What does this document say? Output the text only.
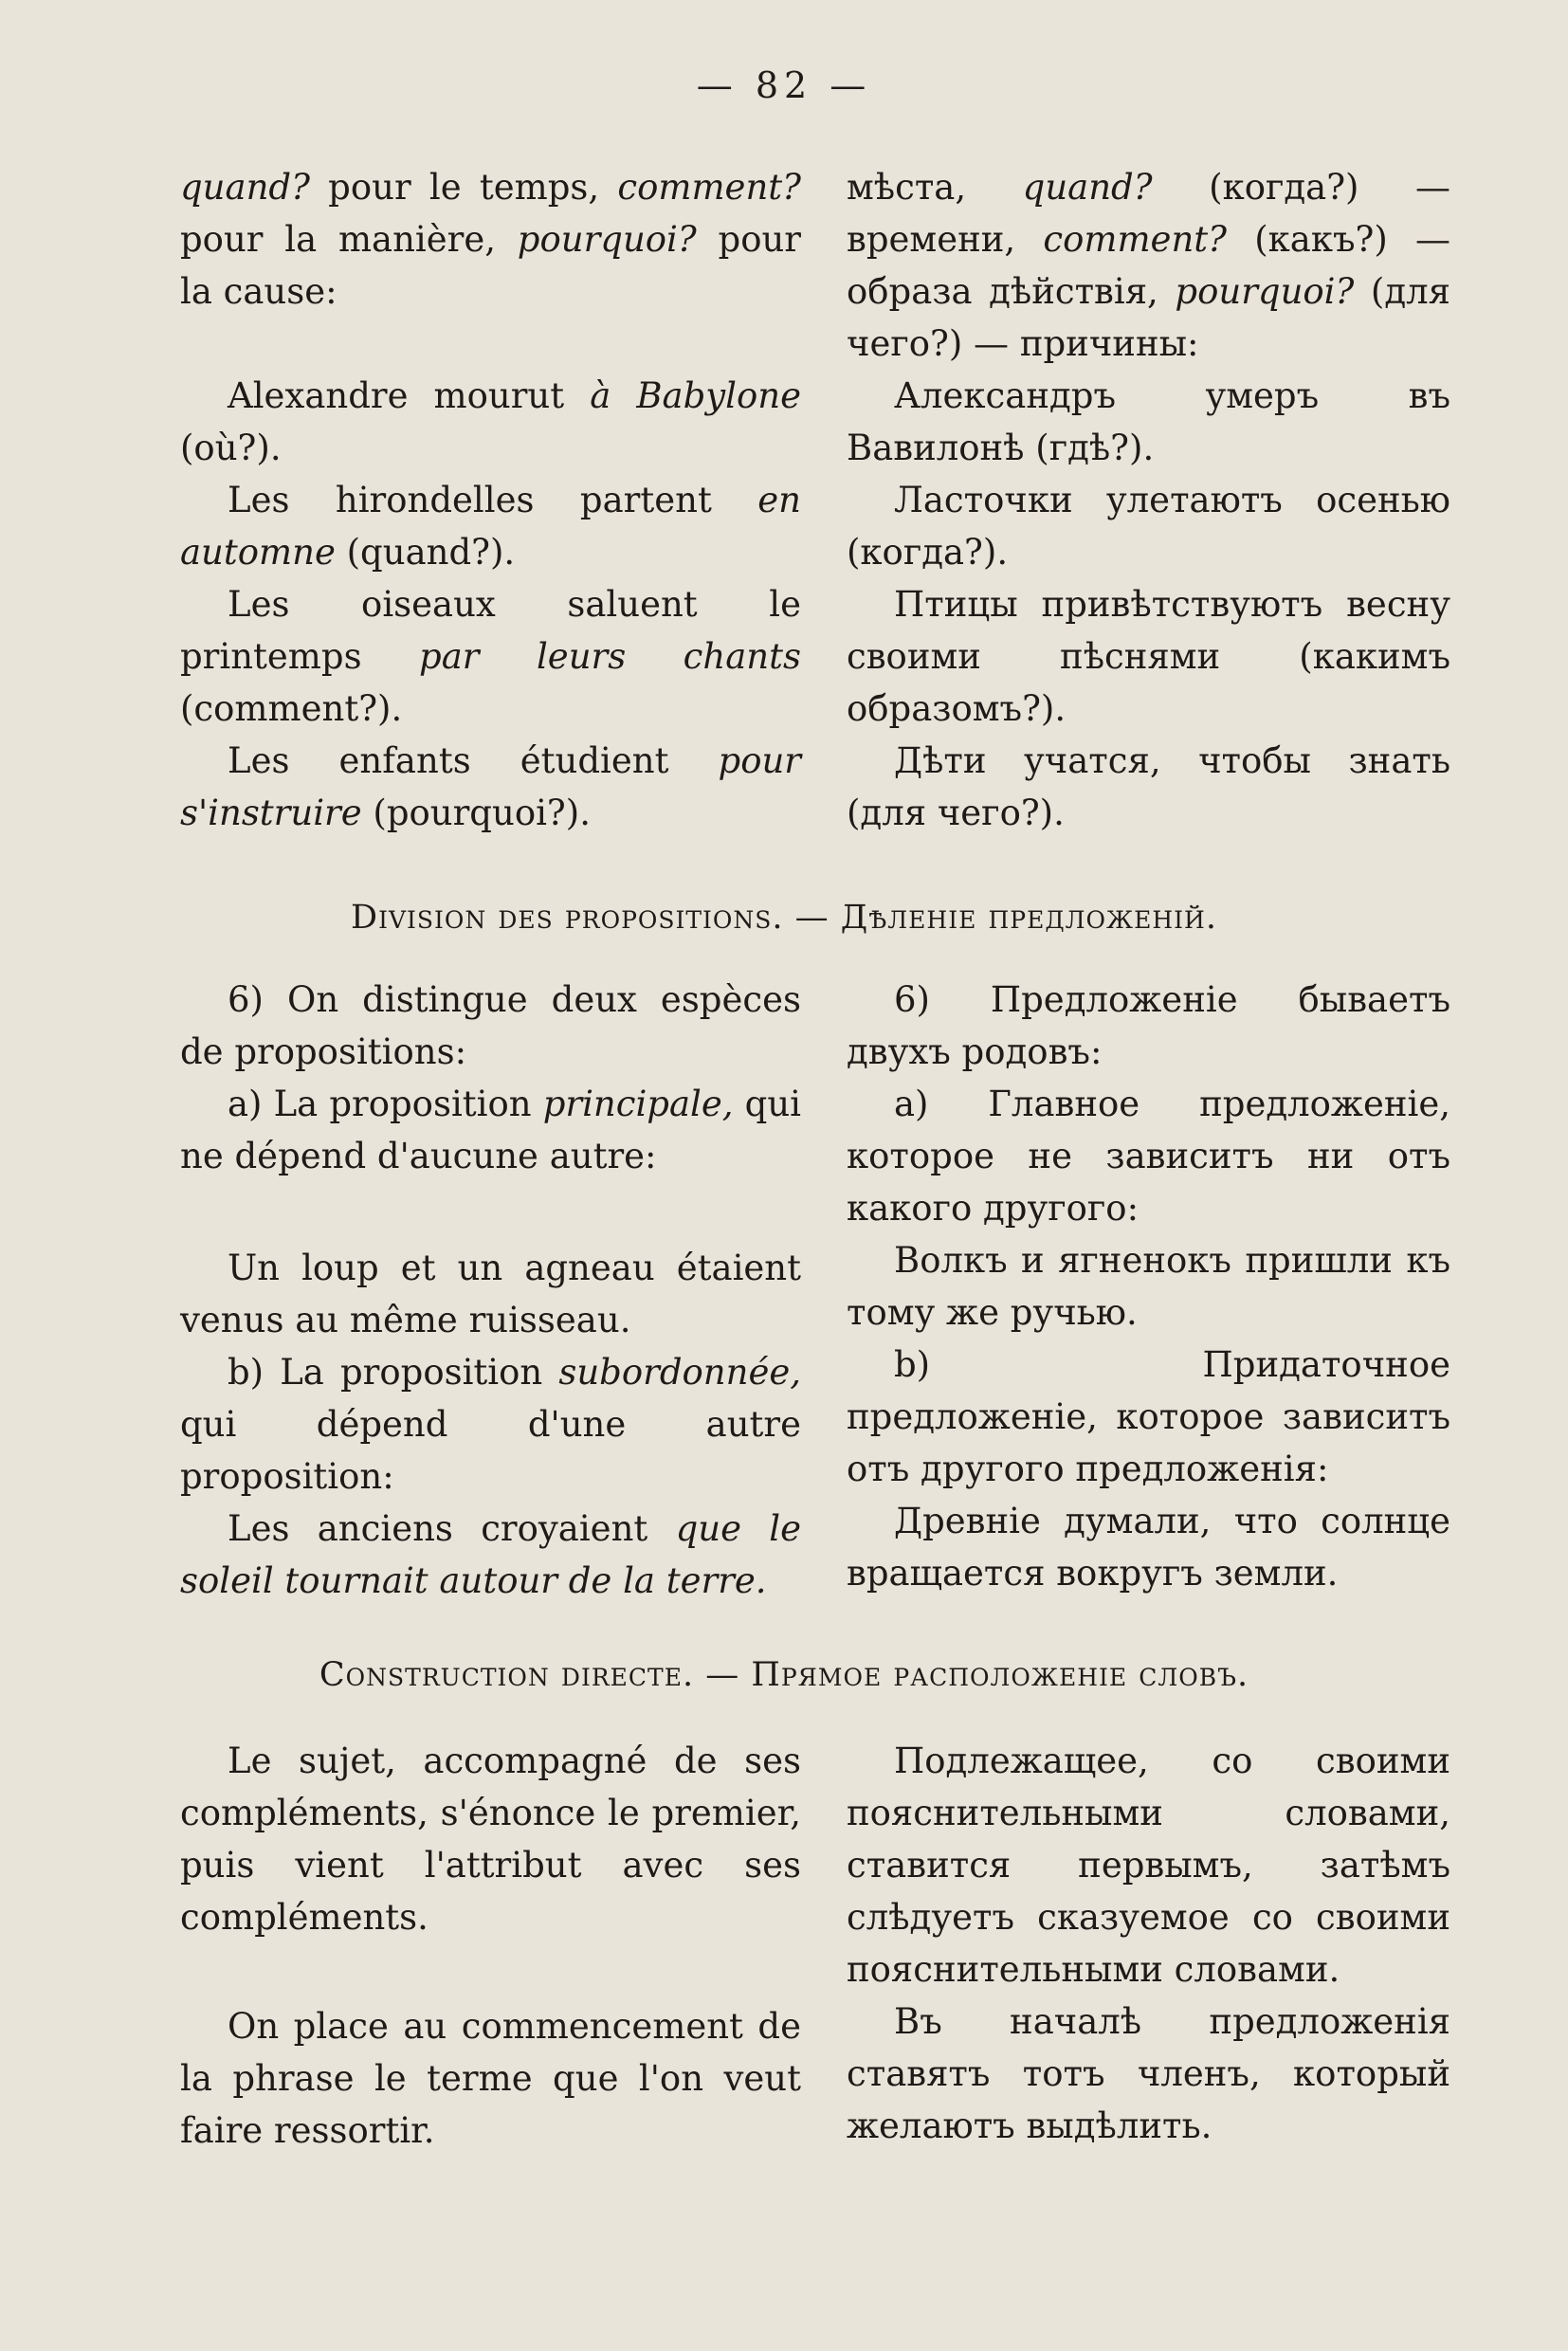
— 82 —

quand? pour le temps, comment? pour la manière, pourquoi? pour la cause:

Alexandre mourut à Babylone (où?).

Les hirondelles partent en automne (quand?).

Les oiseaux saluent le printemps par leurs chants (comment?).

Les enfants étudient pour s'instruire (pourquoi?).

мѣста, quand? (когда?) — времени, comment? (какъ?) — образа дѣйствія, pourquoi? (для чего?) — причины:

Александръ умеръ въ Вавилонѣ (гдѣ?).

Ласточки улетаютъ осенью (когда?).

Птицы привѣтствуютъ весну своими пѣснями (какимъ образомъ?).

Дѣти учатся, чтобы знать (для чего?).

Division des propositions. — Дѣленіе предложеній.

6) On distingue deux espèces de propositions:

a) La proposition principale, qui ne dépend d'aucune autre:

Un loup et un agneau étaient venus au même ruisseau.

b) La proposition subordonnée, qui dépend d'une autre proposition:

Les anciens croyaient que le soleil tournait autour de la terre.

6) Предложеніе бываетъ двухъ родовъ:

a) Главное предложеніе, которое не зависитъ ни отъ какого другого:

Волкъ и ягненокъ пришли къ тому же ручью.

b) Придаточное предложеніе, которое зависитъ отъ другого предложенія:

Древніе думали, что солнце вращается вокругъ земли.

Construction directe. — Прямое расположеніе словъ.

Le sujet, accompagné de ses compléments, s'énonce le premier, puis vient l'attribut avec ses compléments.

On place au commencement de la phrase le terme que l'on veut faire ressortir.

Подлежащее, со своими пояснительными словами, ставится первымъ, затѣмъ слѣдуетъ сказуемое со своими пояснительными словами.

Въ началѣ предложенія ставятъ тотъ членъ, который желаютъ выдѣлить.
